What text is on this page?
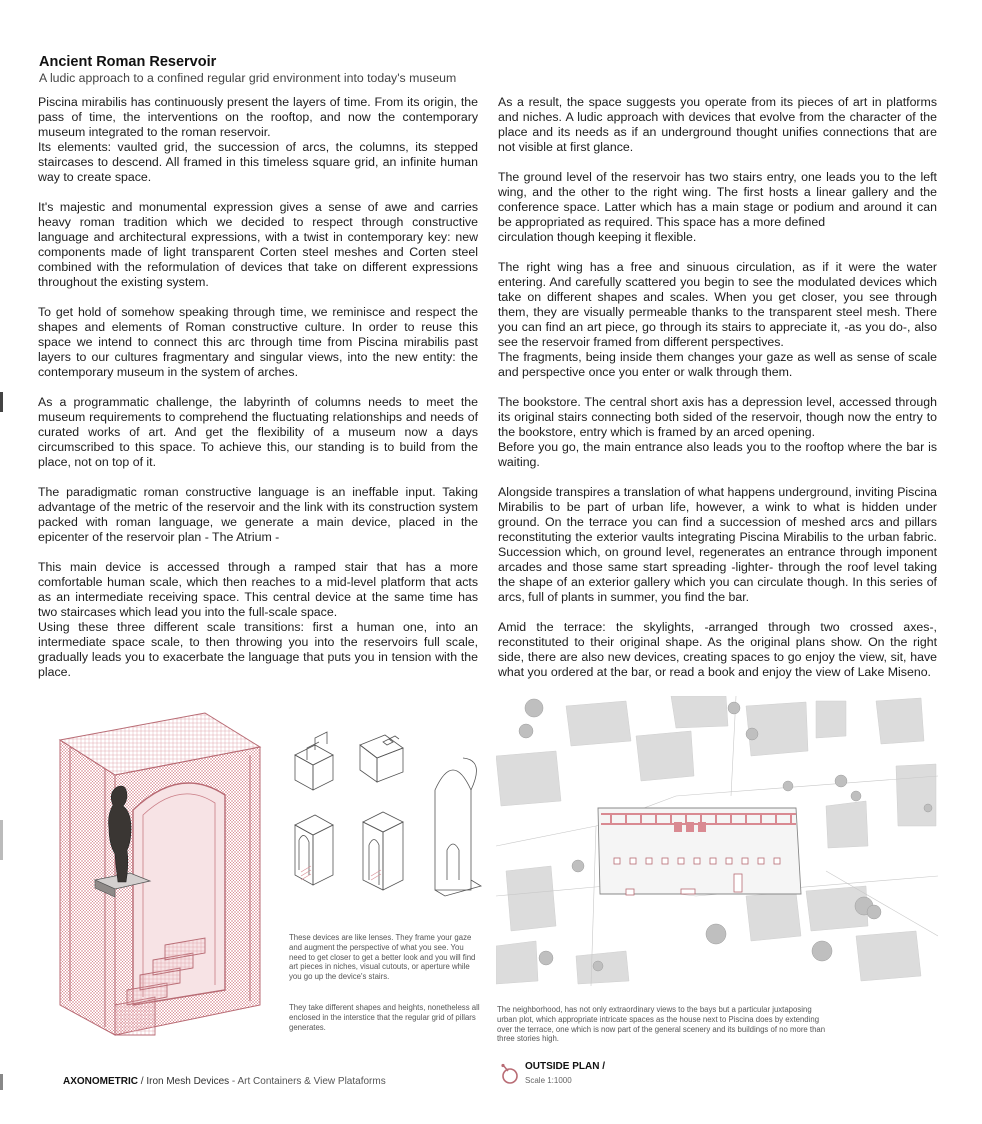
Ancient Roman Reservoir
A ludic approach to a confined regular grid environment into today's museum

Piscina mirabilis has continuously present the layers of time. From its origin, the pass of time, the interventions on the rooftop, and now the contemporary museum integrated to the roman reservoir.
Its elements: vaulted grid, the succession of arcs, the columns, its stepped staircases to descend. All framed in this timeless square grid, an infinite human way to create space.

It's majestic and monumental expression gives a sense of awe and carries heavy roman tradition which we decided to respect through constructive language and architectural expressions, with a twist in contemporary key: new components made of light transparent Corten steel meshes and Corten steel combined with the reformulation of devices that take on different expressions throughout the existing system.

To get hold of somehow speaking through time, we reminisce and respect the shapes and elements of Roman constructive culture. In order to reuse this space we intend to connect this arc through time from Piscina mirabilis past layers to our cultures fragmentary and singular views, into the new entity: the contemporary museum in the system of arches.

As a programmatic challenge, the labyrinth of columns needs to meet the museum requirements to comprehend the fluctuating relationships and needs of curated works of art. And get the flexibility of a museum now a days circumscribed to this space. To achieve this, our standing is to build from the place, not on top of it.

The paradigmatic roman constructive language is an ineffable input. Taking advantage of the metric of the reservoir and the link with its construction system packed with roman language, we generate a main device, placed in the epicenter of the reservoir plan - The Atrium -

This main device is accessed through a ramped stair that has a more comfortable human scale, which then reaches to a mid-level platform that acts as an intermediate receiving space. This central device at the same time has two staircases which lead you into the full-scale space.
Using these three different scale transitions: first a human one, into an intermediate space scale, to then throwing you into the reservoirs full scale, gradually leads you to exacerbate the language that puts you in tension with the place.

As a result, the space suggests you operate from its pieces of art in platforms and niches. A ludic approach with devices that evolve from the character of the place and its needs as if an underground thought unifies connections that are not visible at first glance.

The ground level of the reservoir has two stairs entry, one leads you to the left wing, and the other to the right wing. The first hosts a linear gallery and the conference space. Latter which has a main stage or podium and around it can be appropriated as required. This space has a more defined
circulation though keeping it flexible.

The right wing has a free and sinuous circulation, as if it were the water entering. And carefully scattered you begin to see the modulated devices which take on different shapes and scales. When you get closer, you see through them, they are visually permeable thanks to the transparent steel mesh. There you can find an art piece, go through its stairs to appreciate it, -as you do-, also see the reservoir framed from different perspectives.
The fragments, being inside them changes your gaze as well as sense of scale and perspective once you enter or walk through them.

The bookstore. The central short axis has a depression level, accessed through its original stairs connecting both sided of the reservoir, though now the entry to the bookstore, entry which is framed by an arced opening.
Before you go, the main entrance also leads you to the rooftop where the bar is waiting.

Alongside transpires a translation of what happens underground, inviting Piscina Mirabilis to be part of urban life, however, a wink to what is hidden under ground. On the terrace you can find a succession of meshed arcs and pillars reconstituting the exterior vaults integrating Piscina Mirabilis to the urban fabric. Succession which, on ground level, regenerates an entrance through imponent arcades and those same start spreading -lighter- through the roof level taking the shape of an exterior gallery which you can circulate though. In this series of arcs, full of plants in summer, you find the bar.

Amid the terrace: the skylights, -arranged through two crossed axes-, reconstituted to their original shape. As the original plans show. On the right side, there are also new devices, creating spaces to go enjoy the view, sit, have what you ordered at the bar, or read a book and enjoy the view of Lake Miseno.

These devices are like lenses. They frame your gaze and augment the perspective of what you see. You need to get closer to get a better look and you will find art pieces in niches, visual cutouts, or aperture while you go up the device's stairs.
They take different shapes and heights, nonetheless all enclosed in the interstice that the regular grid of pillars generates.
The neighborhood, has not only extraordinary views to the bays but a particular juxtaposing urban plot, which appropriate intricate spaces as the house next to Piscina does by extending over the terrace, one which is now part of the general scenery and its buildings of no more than three stories high.
AXONOMETRIC / Iron Mesh Devices - Art Containers & View Plataforms
OUTSIDE PLAN /
Scale 1:1000
